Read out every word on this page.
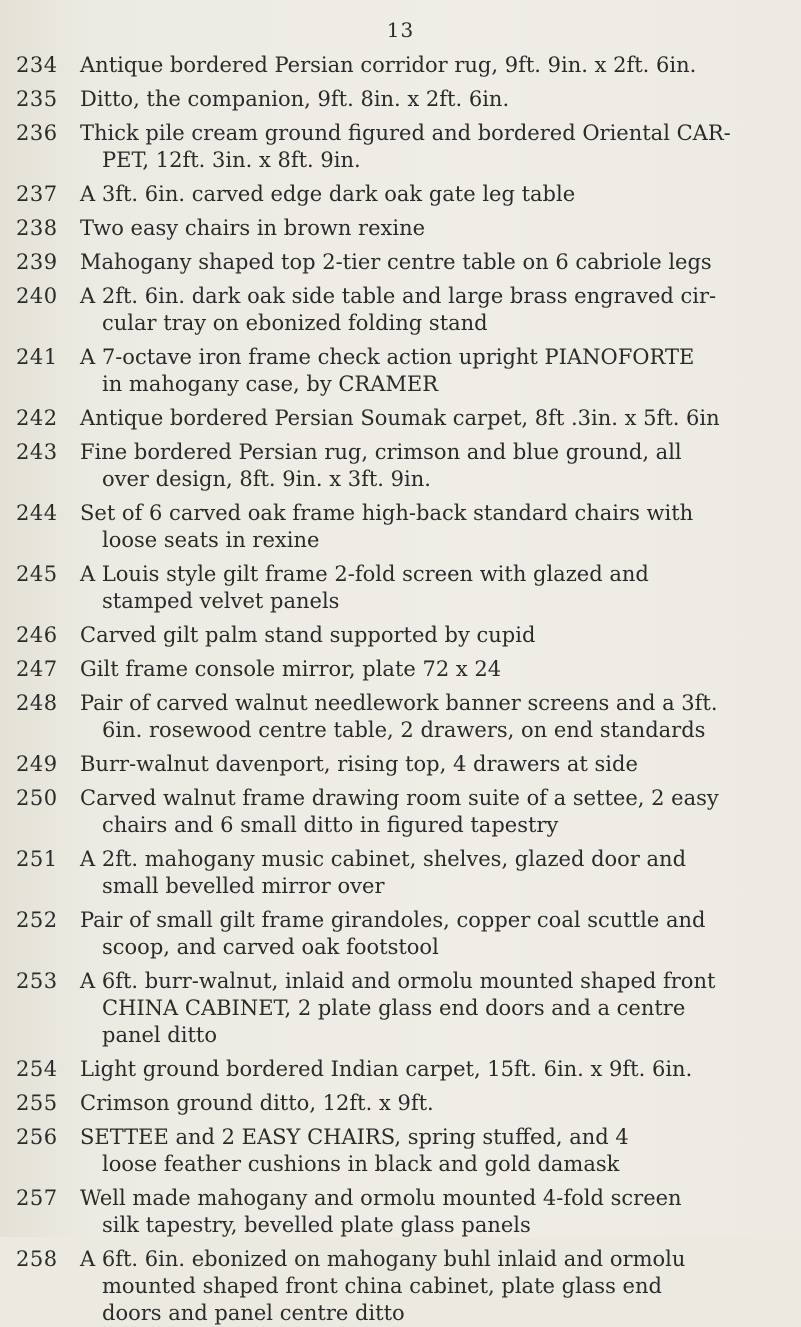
13
234	Antique bordered Persian corridor rug, 9ft. 9in. x 2ft. 6in.
235	Ditto, the companion, 9ft. 8in. x 2ft. 6in.
236	Thick pile cream ground figured and bordered Oriental CAR-
PET, 12ft. 3in. x 8ft. 9in.
237	A 3ft. 6in. carved edge dark oak gate leg table
238	Two easy chairs in brown rexine
239	Mahogany shaped top 2-tier centre table on 6 cabriole legs
240	A 2ft. 6in. dark oak side table and large brass engraved cir-
cular tray on ebonized folding stand
241	A 7-octave iron frame check action upright PIANOFORTE
in mahogany case, by CRAMER
242	Antique bordered Persian Soumak carpet, 8ft .3in. x 5ft. 6in
243	Fine bordered Persian rug, crimson and blue ground, all
over design, 8ft. 9in. x 3ft. 9in.
244	Set of 6 carved oak frame high-back standard chairs with
loose seats in rexine
245	A Louis style gilt frame 2-fold screen with glazed and
stamped velvet panels
246	Carved gilt palm stand supported by cupid
247	Gilt frame console mirror, plate 72 x 24
248	Pair of carved walnut needlework banner screens and a 3ft.
6in. rosewood centre table, 2 drawers, on end standards
249	Burr-walnut davenport, rising top, 4 drawers at side
250	Carved walnut frame drawing room suite of a settee, 2 easy
chairs and 6 small ditto in figured tapestry
251	A 2ft. mahogany music cabinet, shelves, glazed door and
small bevelled mirror over
252	Pair of small gilt frame girandoles, copper coal scuttle and
scoop, and carved oak footstool
253	A 6ft. burr-walnut, inlaid and ormolu mounted shaped front
CHINA CABINET, 2 plate glass end doors and a centre
panel ditto
254	Light ground bordered Indian carpet, 15ft. 6in. x 9ft. 6in.
255	Crimson ground ditto, 12ft. x 9ft.
256	SETTEE and 2 EASY CHAIRS, spring stuffed, and 4
loose feather cushions in black and gold damask
257	Well made mahogany and ormolu mounted 4-fold screen
silk tapestry, bevelled plate glass panels
258	A 6ft. 6in. ebonized on mahogany buhl inlaid and ormolu
mounted shaped front china cabinet, plate glass end
doors and panel centre ditto
